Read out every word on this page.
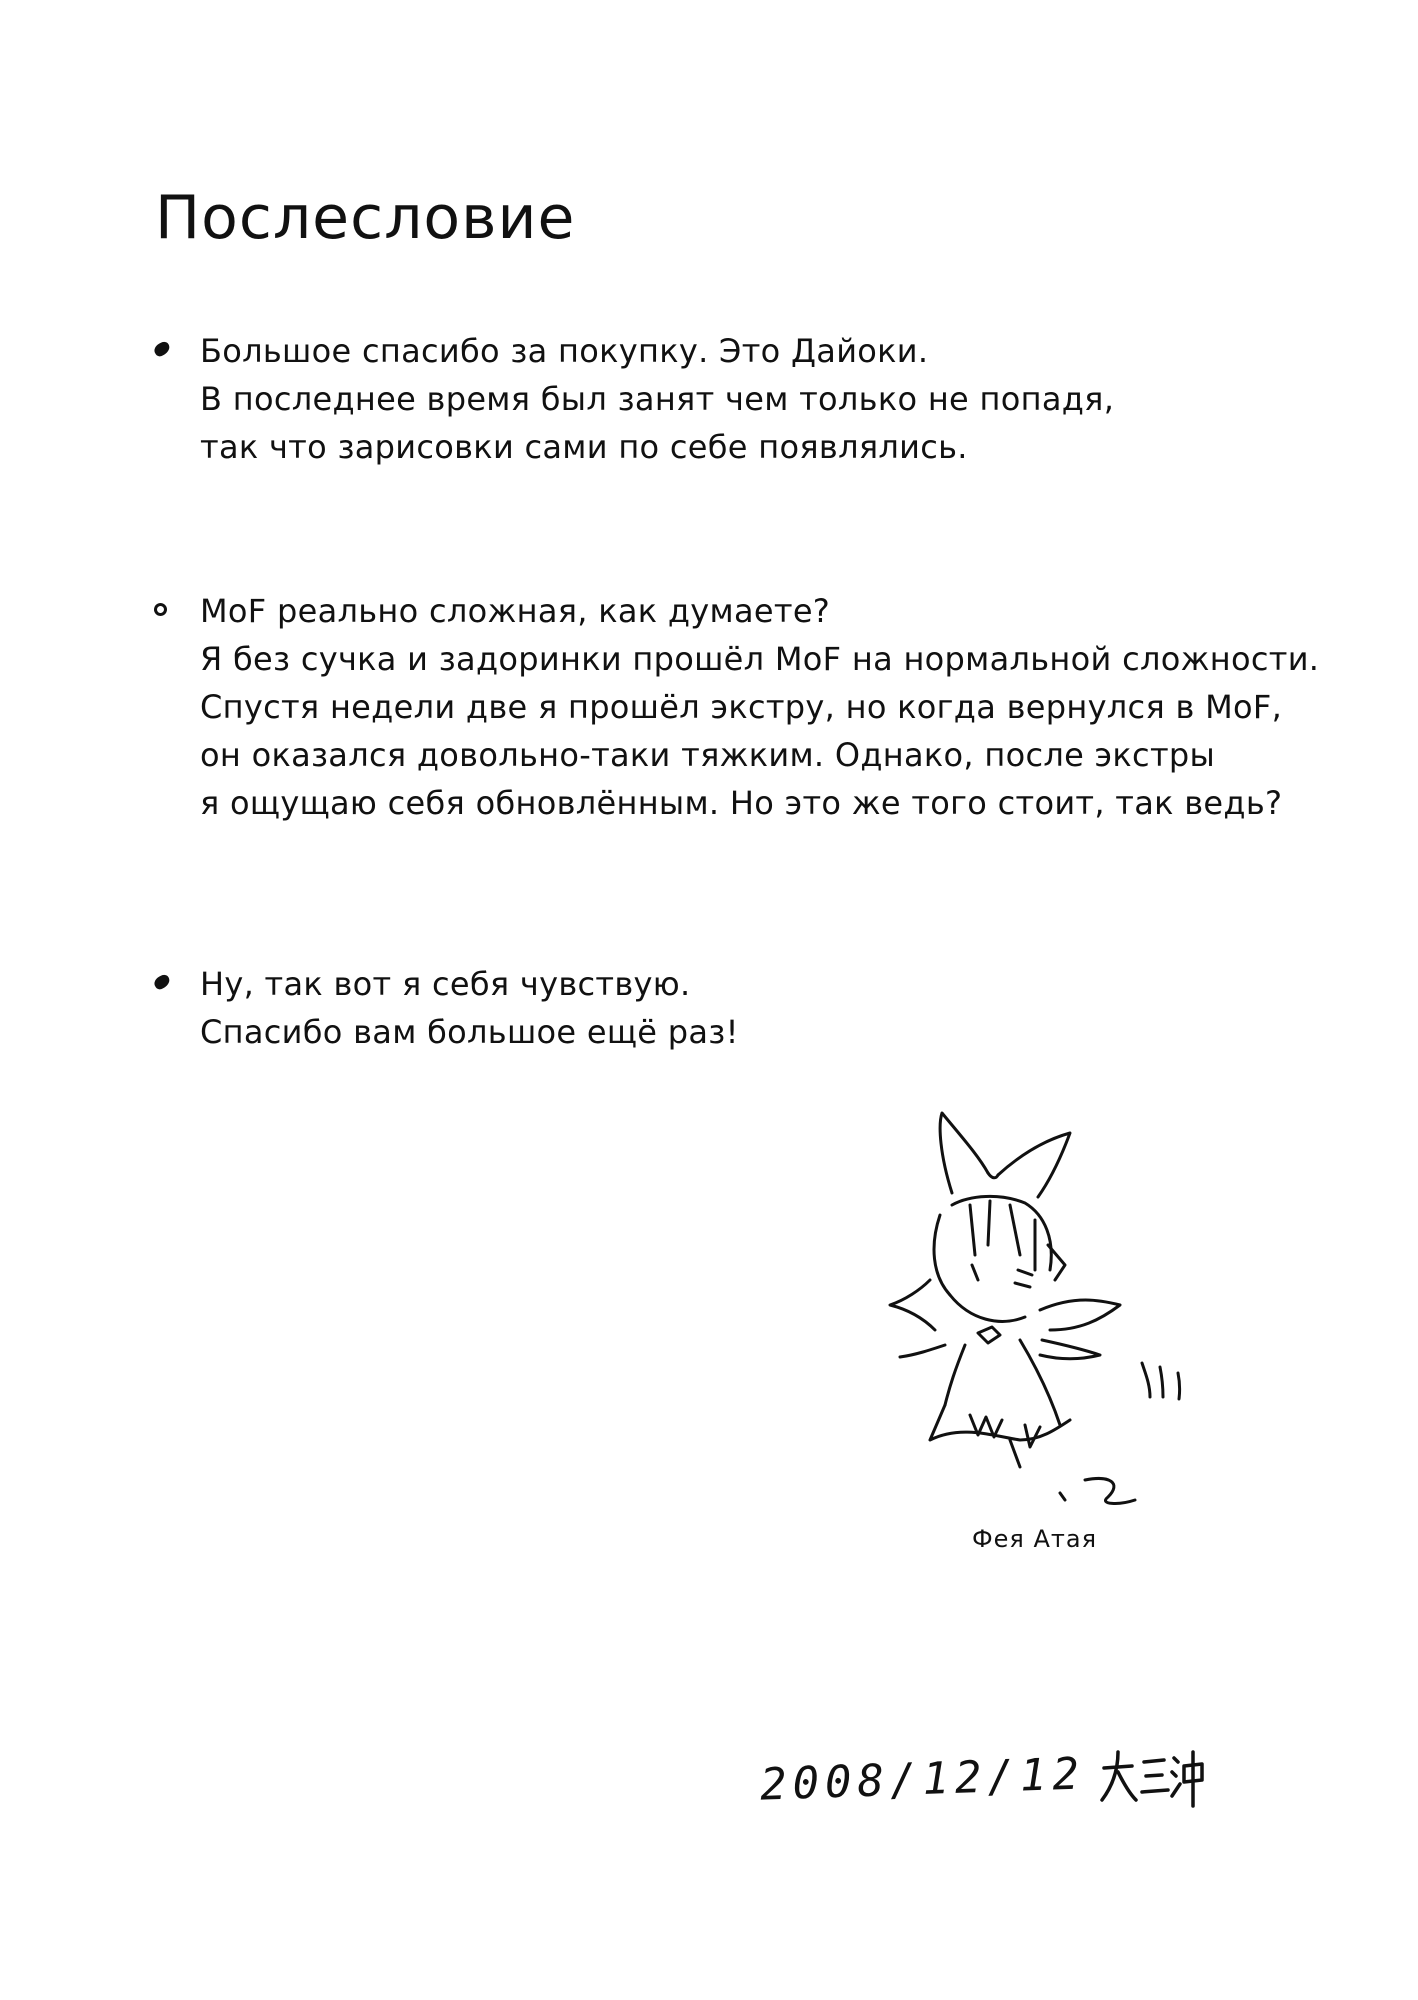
Послесловие
Большое спасибо за покупку. Это Дайоки.
В последнее время был занят чем только не попадя,
так что зарисовки сами по себе появлялись.
MoF реально сложная, как думаете?
Я без сучка и задоринки прошёл MoF на нормальной сложности.
Спустя недели две я прошёл экстру, но когда вернулся в MoF,
он оказался довольно-таки тяжким. Однако, после экстры
я ощущаю себя обновлённым. Но это же того стоит, так ведь?
Ну, так вот я себя чувствую.
Спасибо вам большое ещё раз!
Фея Атая
2008/12/12
